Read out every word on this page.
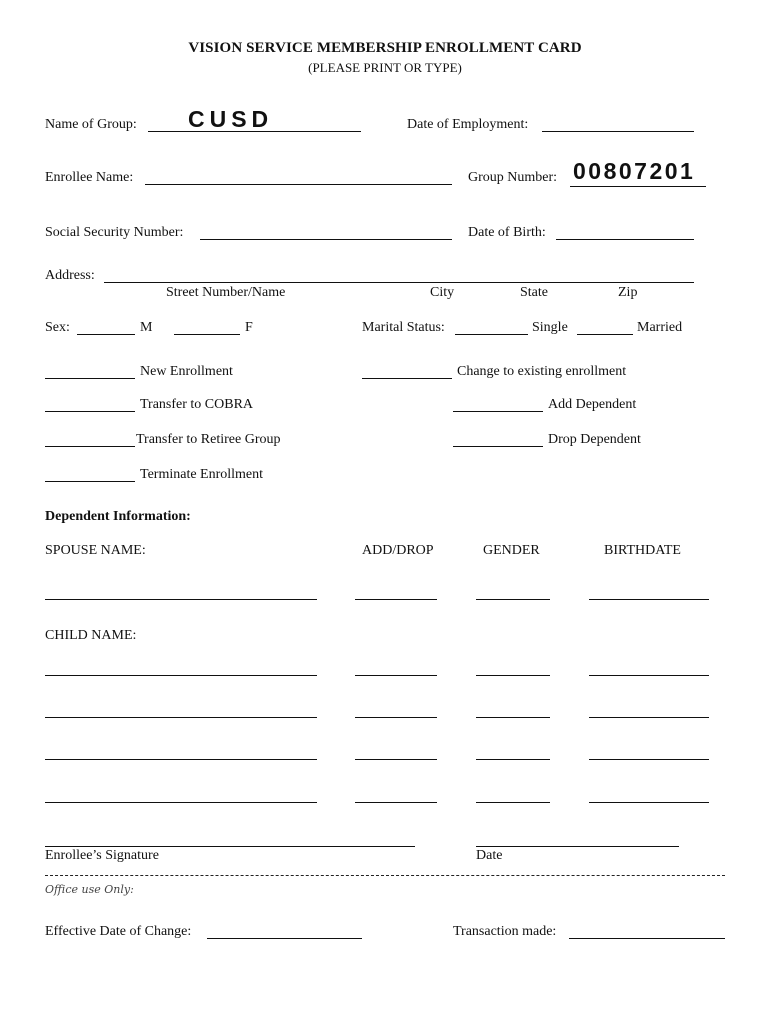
VISION SERVICE MEMBERSHIP ENROLLMENT CARD
(PLEASE PRINT OR TYPE)
Name of Group: CUSD	Date of Employment:
Enrollee Name:	Group Number: 00807201
Social Security Number:	Date of Birth:
Address:
Street Number/Name	City	State	Zip
Sex:	M	F	Marital Status:	Single	Married
New Enrollment	Change to existing enrollment
Transfer to COBRA	Add Dependent
Transfer to Retiree Group	Drop Dependent
Terminate Enrollment
Dependent Information:
SPOUSE NAME:	ADD/DROP	GENDER	BIRTHDATE
CHILD NAME:
Enrollee’s Signature	Date
Office use Only:
Effective Date of Change:	Transaction made:
